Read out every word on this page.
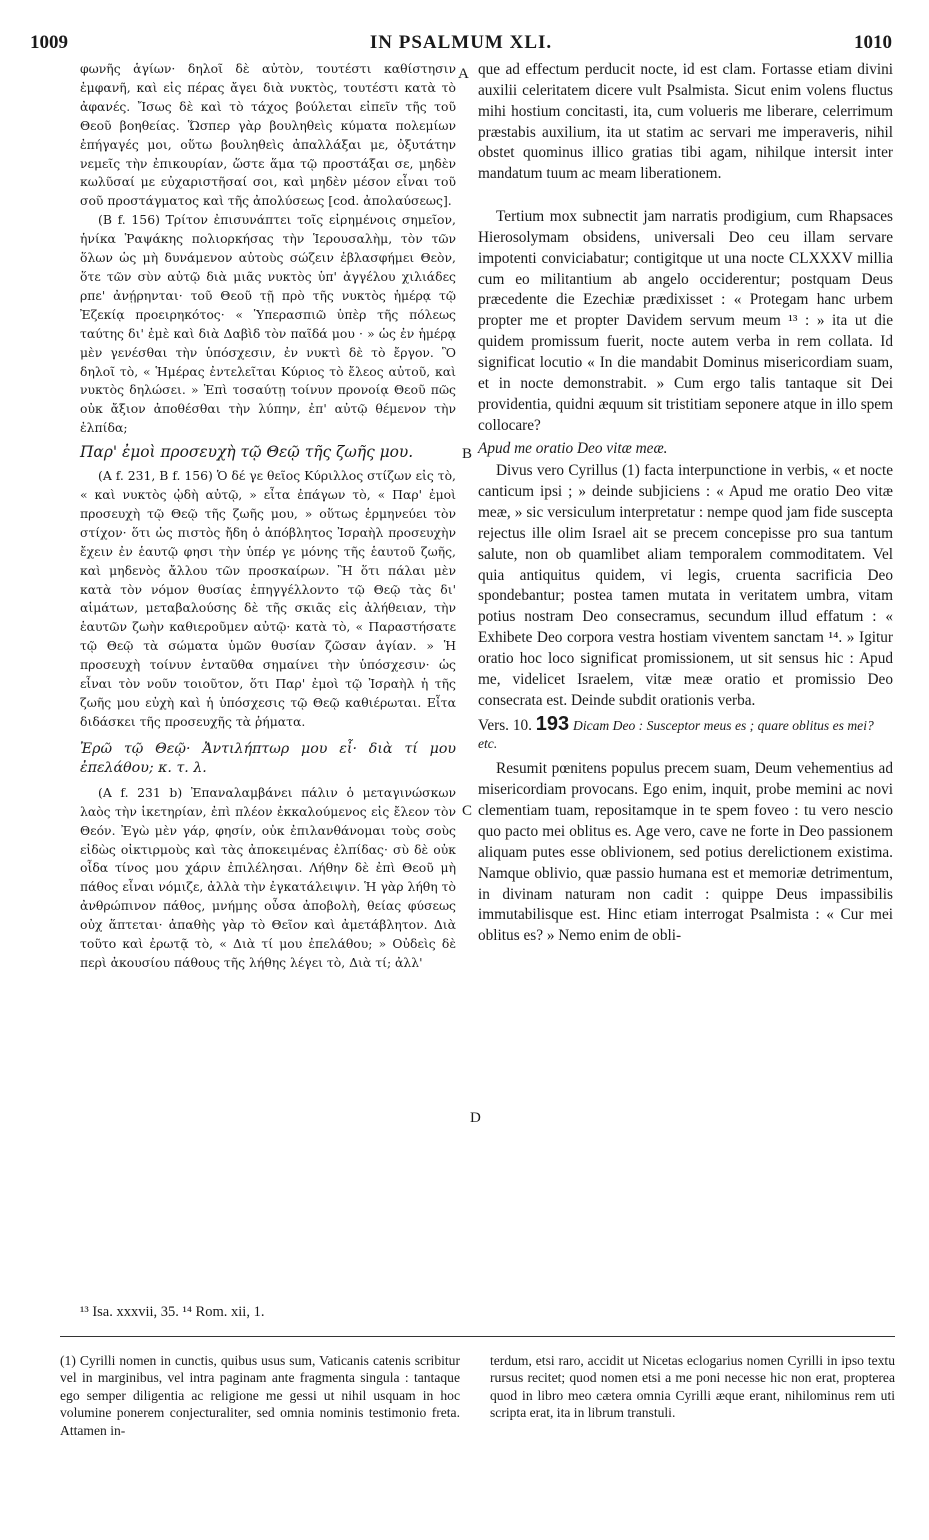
1009	IN PSALMUM XLI.	1010

φωνῆς ἁγίων· δηλοῖ δὲ αὐτὸν, τουτέστι καθίστησιν ἐμφανῆ, καὶ εἰς πέρας ἄγει διὰ νυκτὸς, τουτέστι κατὰ τὸ ἀφανές. Ἴσως δὲ καὶ τὸ τάχος βούλεται εἰπεῖν τῆς τοῦ Θεοῦ βοηθείας. Ὥσπερ γὰρ βουληθεὶς κύματα πολεμίων ἐπήγαγές μοι, οὕτω βουληθεὶς ἀπαλλάξαι με, ὀξυτάτην νεμεῖς τὴν ἐπικουρίαν, ὥστε ἅμα τῷ προστάξαι σε, μηδὲν κωλῦσαί με εὐχαριστῆσαί σοι, καὶ μηδὲν μέσον εἶναι τοῦ σοῦ προστάγματος καὶ τῆς ἀπολύσεως [cod. ἀπολαύσεως].

(B f. 156) Τρίτον ἐπισυνάπτει τοῖς εἰρημένοις σημεῖον, ἡνίκα Ῥαψάκης πολιορκήσας τὴν Ἱερουσαλὴμ, τὸν τῶν ὅλων ὡς μὴ δυνάμενον αὐτοὺς σώζειν ἐβλασφήμει Θεὸν, ὅτε τῶν σὺν αὐτῷ διὰ μιᾶς νυκτὸς ὑπ' ἀγγέλου χιλιάδες ρπε' ἀνῄρηνται· τοῦ Θεοῦ τῇ πρὸ τῆς νυκτὸς ἡμέρᾳ τῷ Ἐζεκίᾳ προειρηκότος· « Ὑπερασπιῶ ὑπὲρ τῆς πόλεως ταύτης δι' ἐμὲ καὶ διὰ Δαβὶδ τὸν παῖδά μου · » ὡς ἐν ἡμέρᾳ μὲν γενέσθαι τὴν ὑπόσχεσιν, ἐν νυκτὶ δὲ τὸ ἔργον. Ὃ δηλοῖ τὸ, « Ἡμέρας ἐντελεῖται Κύριος τὸ ἔλεος αὐτοῦ, καὶ νυκτὸς δηλώσει. » Ἐπὶ τοσαύτῃ τοίνυν προνοίᾳ Θεοῦ πῶς οὐκ ἄξιον ἀποθέσθαι τὴν λύπην, ἐπ' αὐτῷ θέμενον τὴν ἐλπίδα;

Παρ' ἐμοὶ προσευχὴ τῷ Θεῷ τῆς ζωῆς μου.

(A f. 231, B f. 156) Ὁ δέ γε θεῖος Κύριλλος στίζων εἰς τὸ, « καὶ νυκτὸς ᾠδὴ αὐτῷ, » εἶτα ἐπάγων τὸ, « Παρ' ἐμοὶ προσευχὴ τῷ Θεῷ τῆς ζωῆς μου, » οὕτως ἑρμηνεύει τὸν στίχον· ὅτι ὡς πιστὸς ἤδη ὁ ἀπόβλητος Ἰσραὴλ προσευχὴν ἔχειν ἐν ἑαυτῷ φησι τὴν ὑπέρ γε μόνης τῆς ἑαυτοῦ ζωῆς, καὶ μηδενὸς ἄλλου τῶν προσκαίρων. Ἢ ὅτι πάλαι μὲν κατὰ τὸν νόμον θυσίας ἐπηγγέλλοντο τῷ Θεῷ τὰς δι' αἱμάτων, μεταβαλούσης δὲ τῆς σκιᾶς εἰς ἀλήθειαν, τὴν ἑαυτῶν ζωὴν καθιεροῦμεν αὐτῷ· κατὰ τὸ, « Παραστήσατε τῷ Θεῷ τὰ σώματα ὑμῶν θυσίαν ζῶσαν ἁγίαν. » Ἡ προσευχὴ τοίνυν ἐνταῦθα σημαίνει τὴν ὑπόσχεσιν· ὡς εἶναι τὸν νοῦν τοιοῦτον, ὅτι Παρ' ἐμοὶ τῷ Ἰσραὴλ ἡ τῆς ζωῆς μου εὐχὴ καὶ ἡ ὑπόσχεσις τῷ Θεῷ καθιέρωται. Εἶτα διδάσκει τῆς προσευχῆς τὰ ῥήματα.

Ἐρῶ τῷ Θεῷ· Ἀντιλήπτωρ μου εἶ· διὰ τί μου ἐπελάθου; κ. τ. λ.

(A f. 231 b) Ἐπαναλαμβάνει πάλιν ὁ μεταγινώσκων λαὸς τὴν ἱκετηρίαν, ἐπὶ πλέον ἐκκαλούμενος εἰς ἔλεον τὸν Θεόν. Ἐγὼ μὲν γάρ, φησίν, οὐκ ἐπιλανθάνομαι τοὺς σοὺς εἰδὼς οἰκτιρμοὺς καὶ τὰς ἀποκειμένας ἐλπίδας· σὺ δὲ οὐκ οἶδα τίνος μου χάριν ἐπιλέλησαι. Λήθην δὲ ἐπὶ Θεοῦ μὴ πάθος εἶναι νόμιζε, ἀλλὰ τὴν ἐγκατάλειψιν. Ἡ γὰρ λήθη τὸ ἀνθρώπινον πάθος, μνήμης οὖσα ἀποβολὴ, θείας φύσεως οὐχ ἅπτεται· ἀπαθὴς γὰρ τὸ Θεῖον καὶ ἀμετάβλητον. Διὰ τοῦτο καὶ ἐρωτᾷ τὸ, « Διὰ τί μου ἐπελάθου; » Οὐδεὶς δὲ περὶ ἀκουσίου πάθους τῆς λήθης λέγει τὸ, Διὰ τί; ἀλλ'

A
B
C
D

que ad effectum perducit nocte, id est clam. Fortasse etiam divini auxilii celeritatem dicere vult Psalmista. Sicut enim volens fluctus mihi hostium concitasti, ita, cum volueris me liberare, celerrimum præstabis auxilium, ita ut statim ac servari me imperaveris, nihil obstet quominus illico gratias tibi agam, nihilque intersit inter mandatum tuum ac meam liberationem.

Tertium mox subnectit jam narratis prodigium, cum Rhapsaces Hierosolymam obsidens, universali Deo ceu illam servare impotenti conviciabatur; contigitque ut una nocte CLXXXV millia cum eo militantium ab angelo occiderentur; postquam Deus præcedente die Ezechiæ prædixisset : « Protegam hanc urbem propter me et propter Davidem servum meum ¹³ : » ita ut die quidem promissum fuerit, nocte autem verba in rem collata. Id significat locutio « In die mandabit Dominus misericordiam suam, et in nocte demonstrabit. » Cum ergo talis tantaque sit Dei providentia, quidni æquum sit tristitiam seponere atque in illo spem collocare?

Apud me oratio Deo vitæ meæ.

Divus vero Cyrillus (1) facta interpunctione in verbis, « et nocte canticum ipsi ; » deinde subjiciens : « Apud me oratio Deo vitæ meæ, » sic versiculum interpretatur : nempe quod jam fide suscepta rejectus ille olim Israel ait se precem concepisse pro sua tantum salute, non ob quamlibet aliam temporalem commoditatem. Vel quia antiquitus quidem, vi legis, cruenta sacrificia Deo spondebantur; postea tamen mutata in veritatem umbra, vitam potius nostram Deo consecramus, secundum illud effatum : « Exhibete Deo corpora vestra hostiam viventem sanctam ¹⁴. » Igitur oratio hoc loco significat promissionem, ut sit sensus hic : Apud me, videlicet Israelem, vitæ meæ oratio et promissio Deo consecrata est. Deinde subdit orationis verba.

Vers. 10. 193 Dicam Deo : Susceptor meus es ; quare oblitus es mei? etc.

Resumit pœnitens populus precem suam, Deum vehementius ad misericordiam provocans. Ego enim, inquit, probe memini ac novi clementiam tuam, repositamque in te spem foveo : tu vero nescio quo pacto mei oblitus es. Age vero, cave ne forte in Deo passionem aliquam putes esse oblivionem, sed potius derelictionem existima. Namque oblivio, quæ passio humana est et memoriæ detrimentum, in divinam naturam non cadit : quippe Deus impassibilis immutabilisque est. Hinc etiam interrogat Psalmista : « Cur mei oblitus es? » Nemo enim de obli-

¹³ Isa. xxxvii, 35. ¹⁴ Rom. xii, 1.

(1) Cyrilli nomen in cunctis, quibus usus sum, Vaticanis catenis scribitur vel in marginibus, vel intra paginam ante fragmenta singula : tantaque ego semper diligentia ac religione me gessi ut nihil usquam in hoc volumine ponerem conjecturaliter, sed omnia nominis testimonio freta. Attamen in-

terdum, etsi raro, accidit ut Nicetas eclogarius nomen Cyrilli in ipso textu rursus recitet; quod nomen etsi a me poni necesse hic non erat, propterea quod in libro meo cætera omnia Cyrilli æque erant, nihilominus rem uti scripta erat, ita in librum transtuli.
